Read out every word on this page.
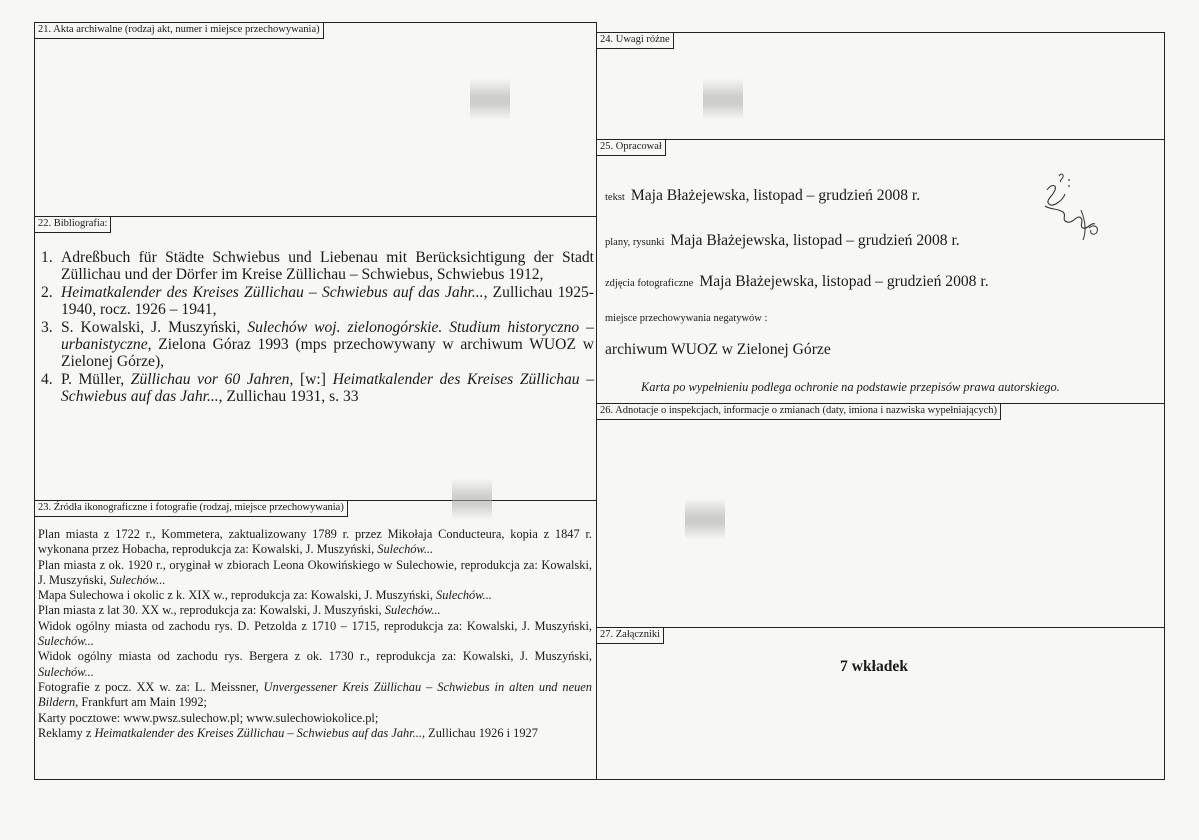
21. Akta archiwalne (rodzaj akt, numer i miejsce przechowywania)
22. Bibliografia:
1. Adreßbuch für Städte Schwiebus und Liebenau mit Berücksichtigung der Stadt Züllichau und der Dörfer im Kreise Züllichau – Schwiebus, Schwiebus 1912,
2. Heimatkalender des Kreises Züllichau – Schwiebus auf das Jahr..., Zullichau 1925-1940, rocz. 1926 – 1941,
3. S. Kowalski, J. Muszyński, Sulechów woj. zielonogórskie. Studium historyczno – urbanistyczne, Zielona Góraz 1993 (mps przechowywany w archiwum WUOZ w Zielonej Górze),
4. P. Müller, Züllichau vor 60 Jahren, [w:] Heimatkalender des Kreises Züllichau – Schwiebus auf das Jahr..., Zullichau 1931, s. 33
23. Źródła ikonograficzne i fotografie (rodzaj, miejsce przechowywania)

Plan miasta z 1722 r., Kommetera, zaktualizowany 1789 r. przez Mikołaja Conducteura, kopia z 1847 r. wykonana przez Hobacha, reprodukcja za: Kowalski, J. Muszyński, Sulechów...

Plan miasta z ok. 1920 r., oryginał w zbiorach Leona Okowińskiego w Sulechowie, reprodukcja za: Kowalski, J. Muszyński, Sulechów...

Mapa Sulechowa i okolic z k. XIX w., reprodukcja za: Kowalski, J. Muszyński, Sulechów...

Plan miasta z lat 30. XX w., reprodukcja za: Kowalski, J. Muszyński, Sulechów...

Widok ogólny miasta od zachodu rys. D. Petzolda z 1710 – 1715, reprodukcja za: Kowalski, J. Muszyński, Sulechów...

Widok ogólny miasta od zachodu rys. Bergera z ok. 1730 r., reprodukcja za: Kowalski, J. Muszyński, Sulechów...

Fotografie z pocz. XX w. za: L. Meissner, Unvergessener Kreis Züllichau – Schwiebus in alten und neuen Bildern, Frankfurt am Main 1992;

Karty pocztowe: www.pwsz.sulechow.pl; www.sulechowiokolice.pl;

Reklamy z Heimatkalender des Kreises Züllichau – Schwiebus auf das Jahr..., Zullichau 1926 i 1927

24. Uwagi różne
25. Opracował
tekst Maja Błażejewska, listopad – grudzień 2008 r.
plany, rysunki Maja Błażejewska, listopad – grudzień 2008 r.
zdjęcia fotograficzne Maja Błażejewska, listopad – grudzień 2008 r.
miejsce przechowywania negatywów :
archiwum WUOZ w Zielonej Górze
Karta po wypełnieniu podlega ochronie na podstawie przepisów prawa autorskiego.
26. Adnotacje o inspekcjach, informacje o zmianach (daty, imiona i nazwiska wypełniających)
27. Załączniki
7 wkładek
